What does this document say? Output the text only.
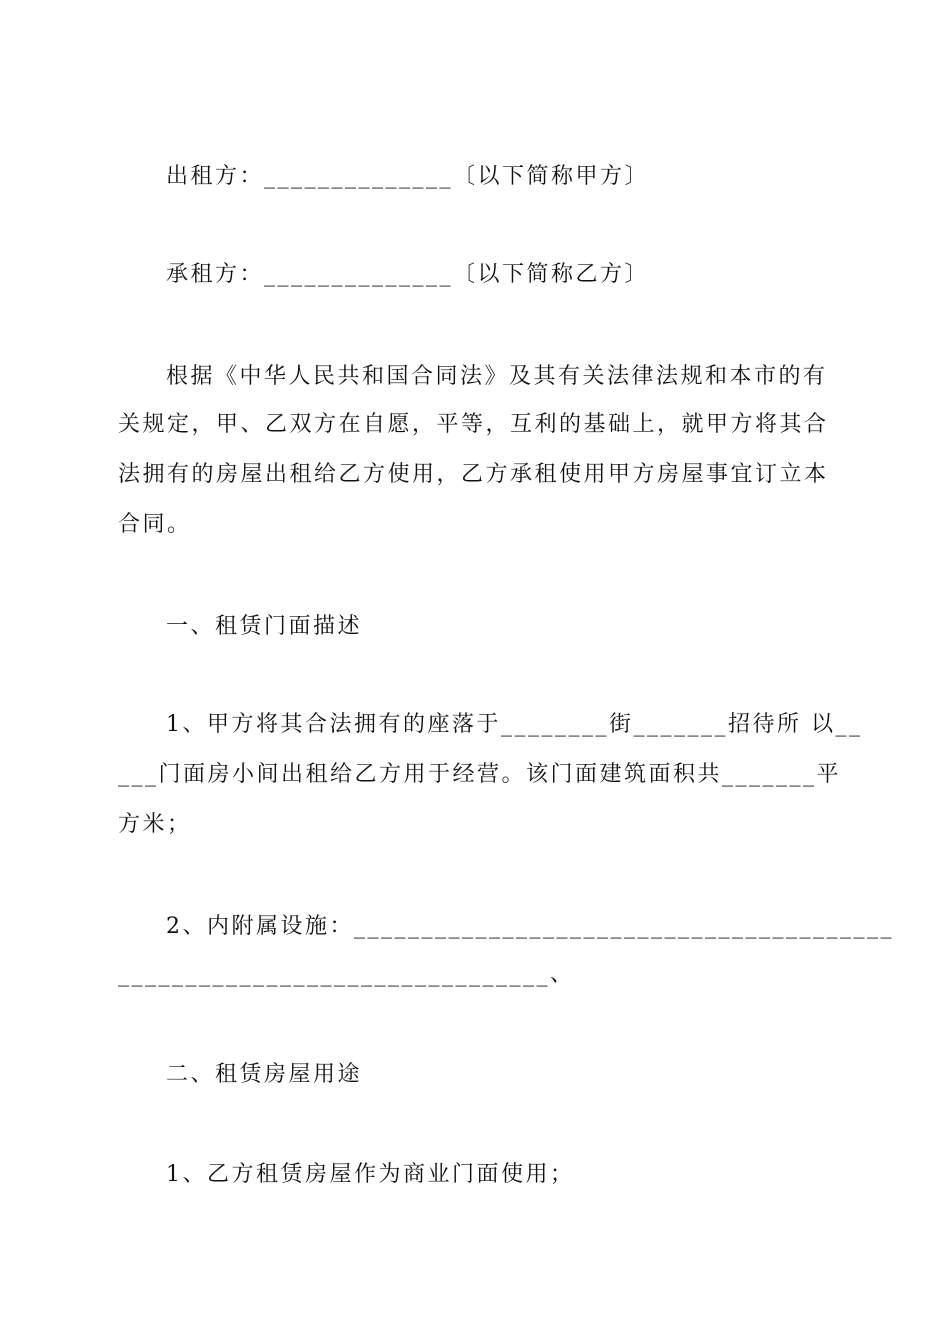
出租方：______________〔以下简称甲方〕
承租方：______________〔以下简称乙方〕
根据《中华人民共和国合同法》及其有关法律法规和本市的有
关规定，甲、乙双方在自愿，平等，互利的基础上，就甲方将其合
法拥有的房屋出租给乙方使用，乙方承租使用甲方房屋事宜订立本
合同。
一、租赁门面描述
1、甲方将其合法拥有的座落于________街_______招待所 以__
___门面房小间出租给乙方用于经营。该门面建筑面积共_______平
方米；
2、内附属设施：________________________________________
________________________________、
二、租赁房屋用途
1、乙方租赁房屋作为商业门面使用；
